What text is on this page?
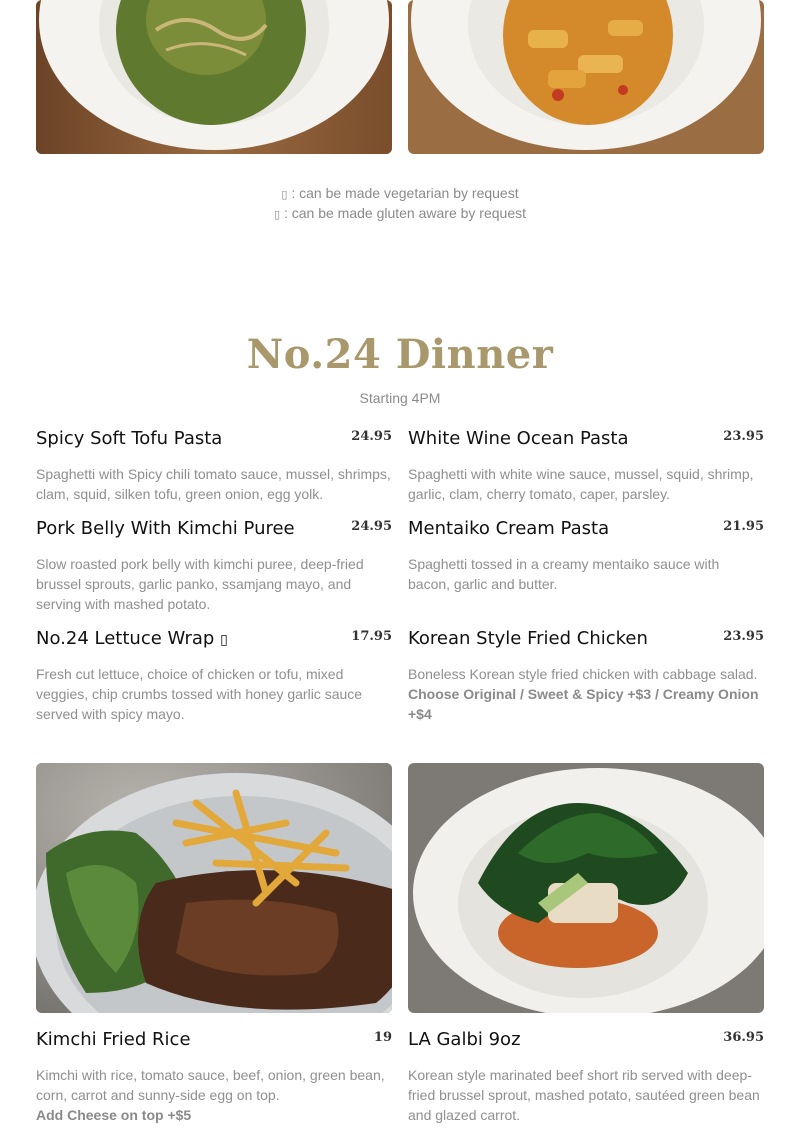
▯ : can be made vegetarian by request
▯ : can be made gluten aware by request
No.24 Dinner
Starting 4PM
Spicy Soft Tofu Pasta	24.95
Spaghetti with Spicy chili tomato sauce, mussel, shrimps, clam, squid, silken tofu, green onion, egg yolk.
White Wine Ocean Pasta	23.95
Spaghetti with white wine sauce, mussel, squid, shrimp, garlic, clam, cherry tomato, caper, parsley.
Pork Belly With Kimchi Puree	24.95
Slow roasted pork belly with kimchi puree, deep-fried brussel sprouts, garlic panko, ssamjang mayo, and serving with mashed potato.
Mentaiko Cream Pasta	21.95
Spaghetti tossed in a creamy mentaiko sauce with bacon, garlic and butter.
No.24 Lettuce Wrap ▯	17.95
Fresh cut lettuce, choice of chicken or tofu, mixed veggies, chip crumbs tossed with honey garlic sauce served with spicy mayo.
Korean Style Fried Chicken	23.95
Boneless Korean style fried chicken with cabbage salad.
Choose Original / Sweet & Spicy +$3 / Creamy Onion +$4
Kimchi Fried Rice	19
Kimchi with rice, tomato sauce, beef, onion, green bean, corn, carrot and sunny-side egg on top.
Add Cheese on top +$5
LA Galbi 9oz	36.95
Korean style marinated beef short rib served with deep-fried brussel sprout, mashed potato, sautéed green bean and glazed carrot.
